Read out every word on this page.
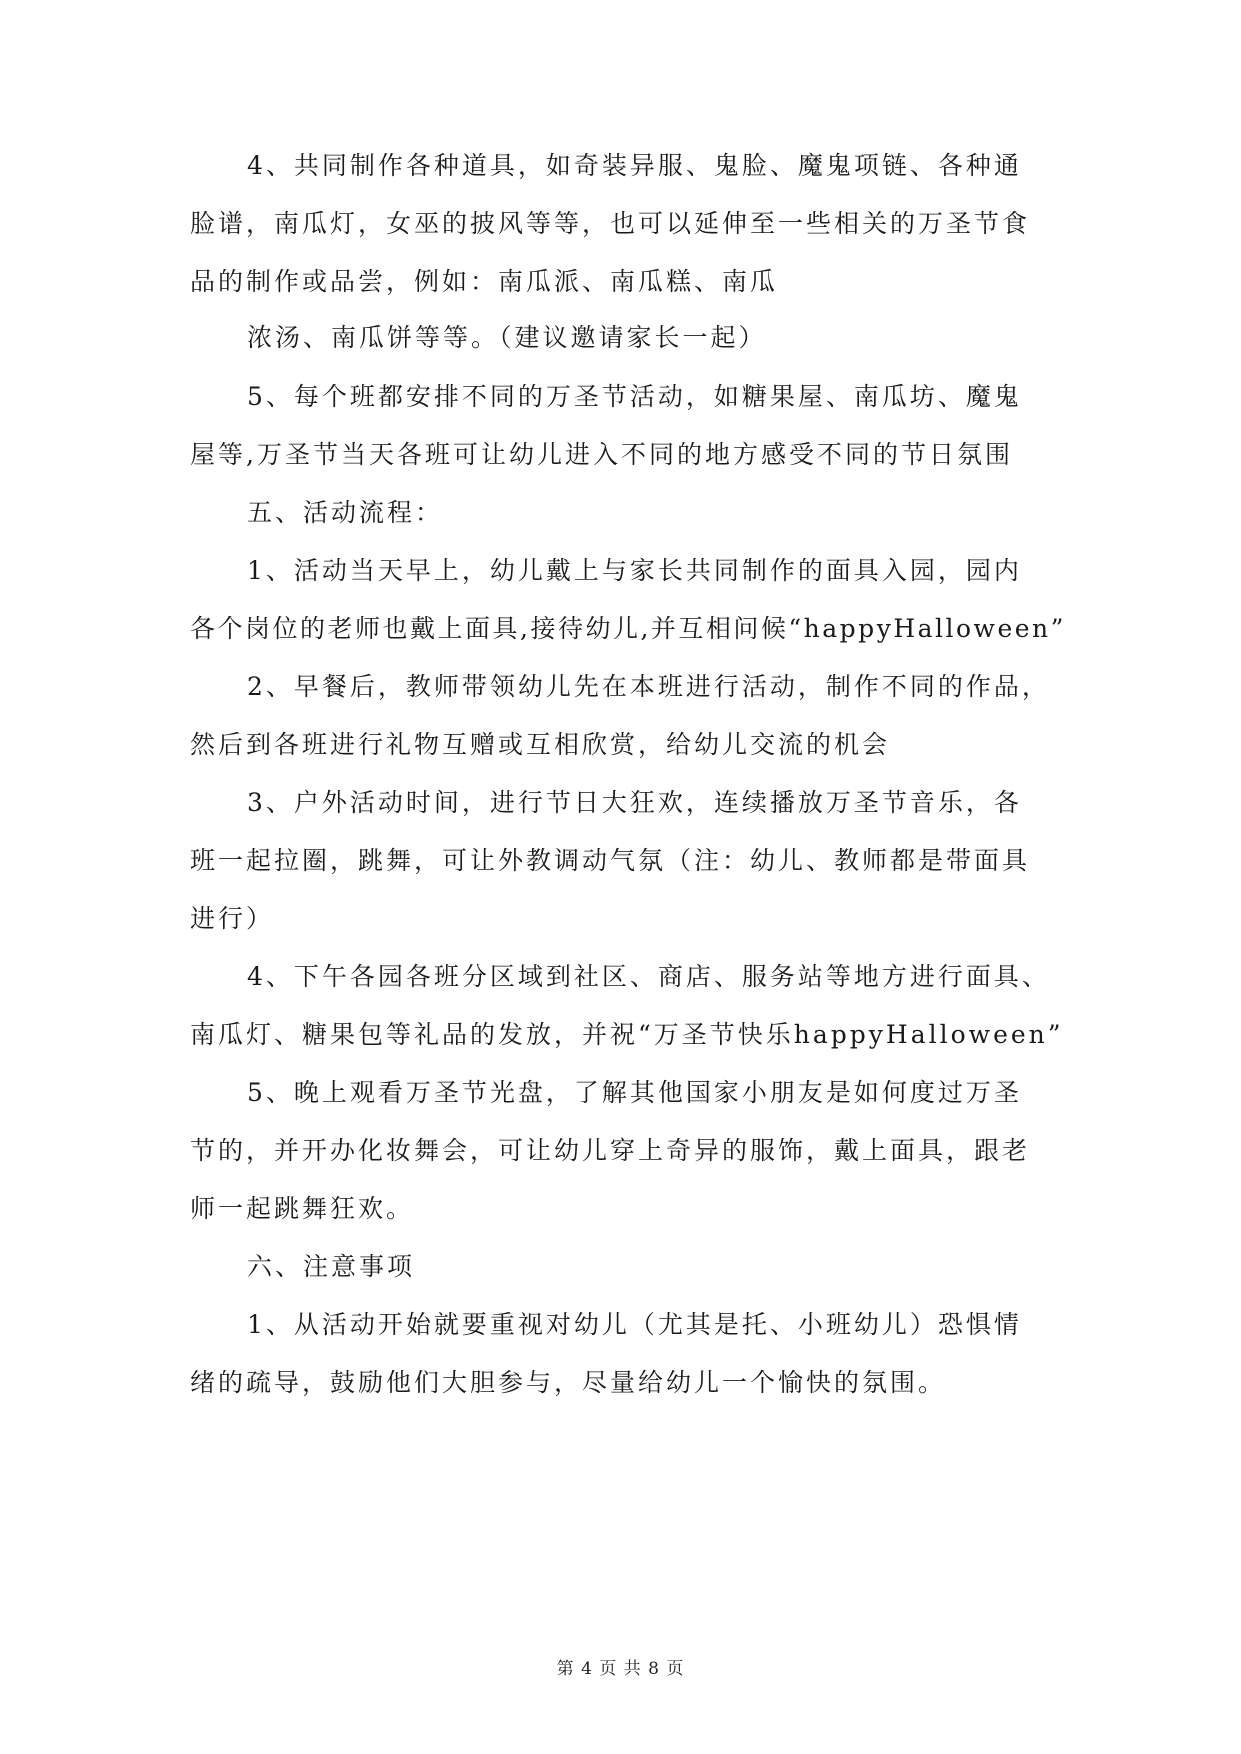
4、共同制作各种道具，如奇装异服、鬼脸、魔鬼项链、各种通
脸谱，南瓜灯，女巫的披风等等，也可以延伸至一些相关的万圣节食
品的制作或品尝，例如：南瓜派、南瓜糕、南瓜
浓汤、南瓜饼等等。（建议邀请家长一起）
5、每个班都安排不同的万圣节活动，如糖果屋、南瓜坊、魔鬼
屋等,万圣节当天各班可让幼儿进入不同的地方感受不同的节日氛围
五、活动流程：
1、活动当天早上，幼儿戴上与家长共同制作的面具入园，园内
各个岗位的老师也戴上面具,接待幼儿,并互相问候“happyHalloween”
2、早餐后，教师带领幼儿先在本班进行活动，制作不同的作品，
然后到各班进行礼物互赠或互相欣赏，给幼儿交流的机会
3、户外活动时间，进行节日大狂欢，连续播放万圣节音乐，各
班一起拉圈，跳舞，可让外教调动气氛（注：幼儿、教师都是带面具
进行）
4、下午各园各班分区域到社区、商店、服务站等地方进行面具、
南瓜灯、糖果包等礼品的发放，并祝“万圣节快乐happyHalloween”
5、晚上观看万圣节光盘，了解其他国家小朋友是如何度过万圣
节的，并开办化妆舞会，可让幼儿穿上奇异的服饰，戴上面具，跟老
师一起跳舞狂欢。
六、注意事项
1、从活动开始就要重视对幼儿（尤其是托、小班幼儿）恐惧情
绪的疏导，鼓励他们大胆参与，尽量给幼儿一个愉快的氛围。
第 4 页 共 8 页
